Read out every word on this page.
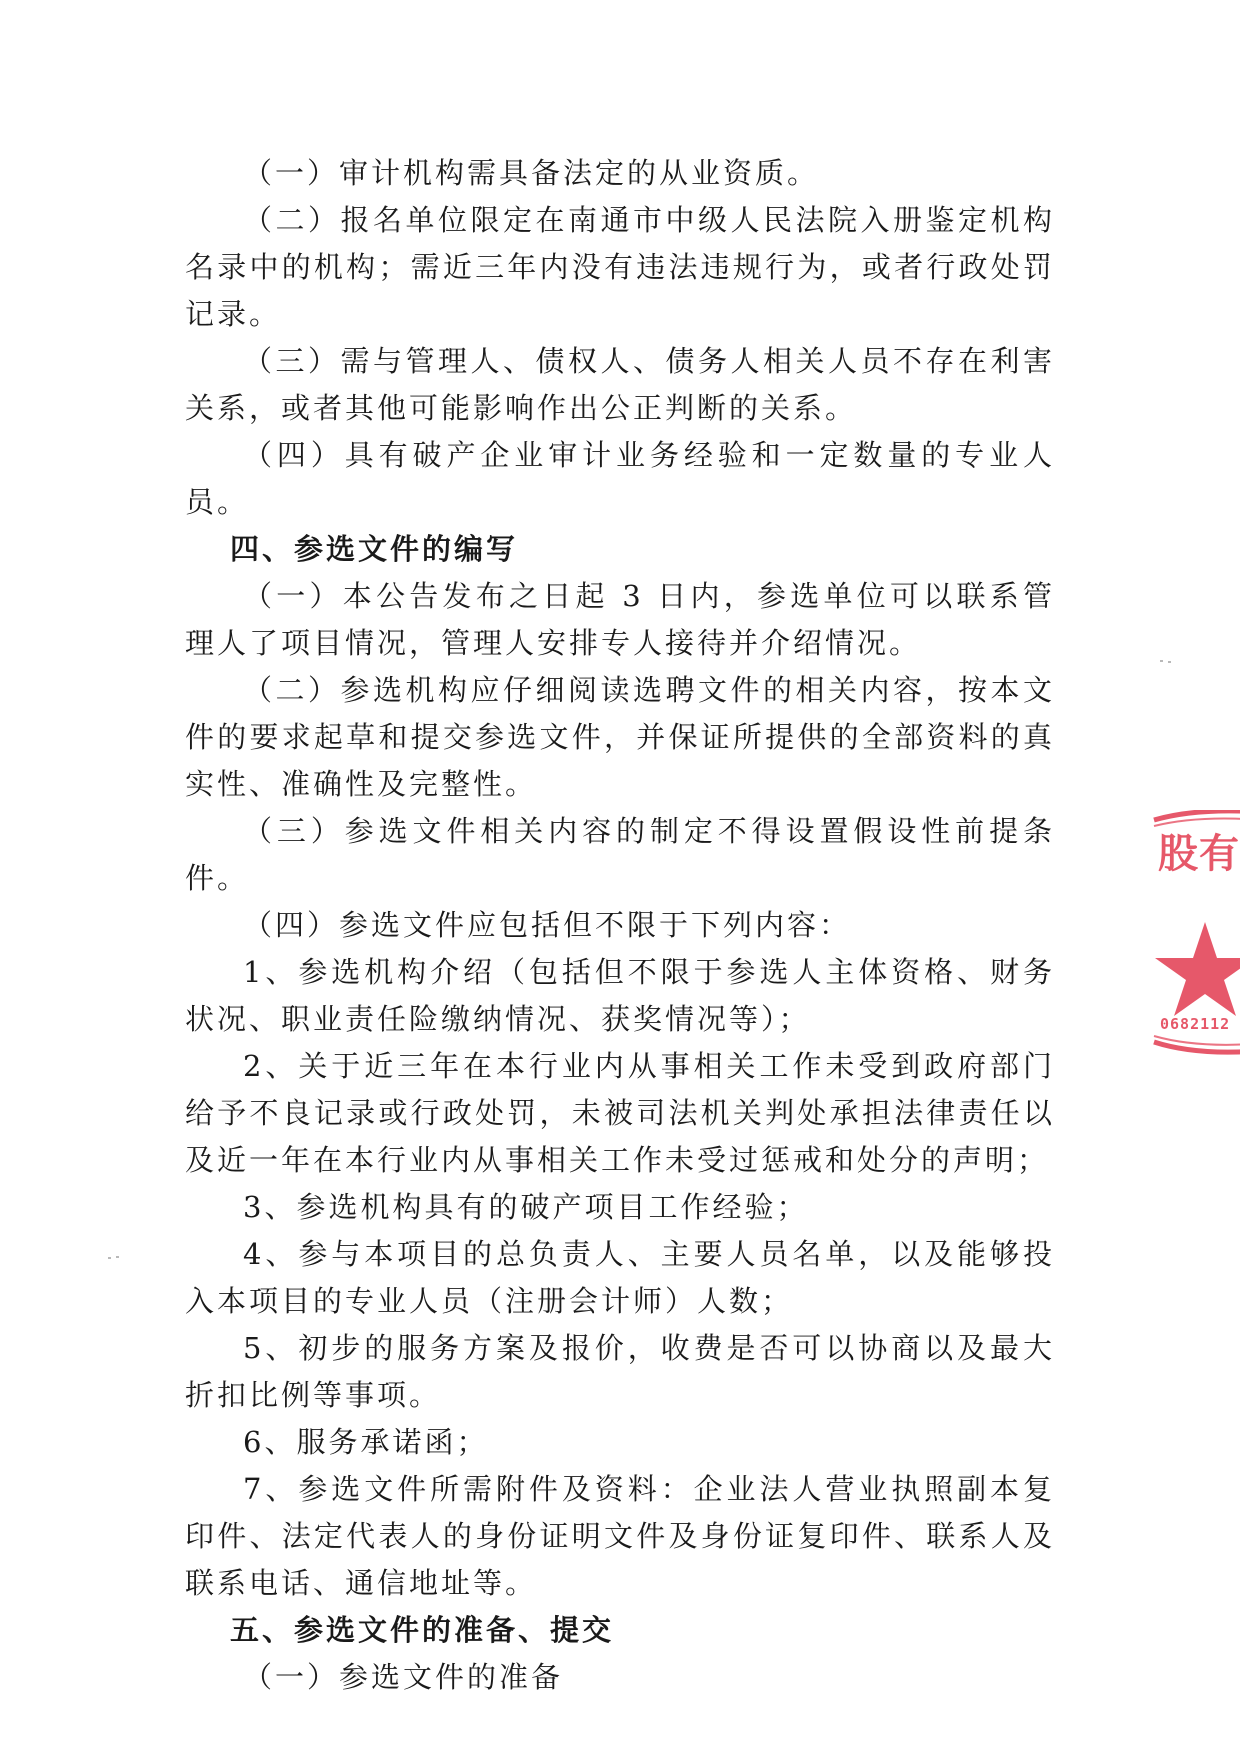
（一）审计机构需具备法定的从业资质。

（二）报名单位限定在南通市中级人民法院入册鉴定机构名录中的机构；需近三年内没有违法违规行为，或者行政处罚记录。

（三）需与管理人、债权人、债务人相关人员不存在利害关系，或者其他可能影响作出公正判断的关系。

（四）具有破产企业审计业务经验和一定数量的专业人员。

四、参选文件的编写

（一）本公告发布之日起 3 日内，参选单位可以联系管理人了项目情况，管理人安排专人接待并介绍情况。

（二）参选机构应仔细阅读选聘文件的相关内容，按本文件的要求起草和提交参选文件，并保证所提供的全部资料的真实性、准确性及完整性。

（三）参选文件相关内容的制定不得设置假设性前提条件。

（四）参选文件应包括但不限于下列内容：

1、参选机构介绍（包括但不限于参选人主体资格、财务状况、职业责任险缴纳情况、获奖情况等）；

2、关于近三年在本行业内从事相关工作未受到政府部门给予不良记录或行政处罚，未被司法机关判处承担法律责任以及近一年在本行业内从事相关工作未受过惩戒和处分的声明；

3、参选机构具有的破产项目工作经验；

4、参与本项目的总负责人、主要人员名单，以及能够投入本项目的专业人员（注册会计师）人数；

5、初步的服务方案及报价，收费是否可以协商以及最大折扣比例等事项。

6、服务承诺函；

7、参选文件所需附件及资料：企业法人营业执照副本复印件、法定代表人的身份证明文件及身份证复印件、联系人及联系电话、通信地址等。

五、参选文件的准备、提交

（一）参选文件的准备

股有
0682112
